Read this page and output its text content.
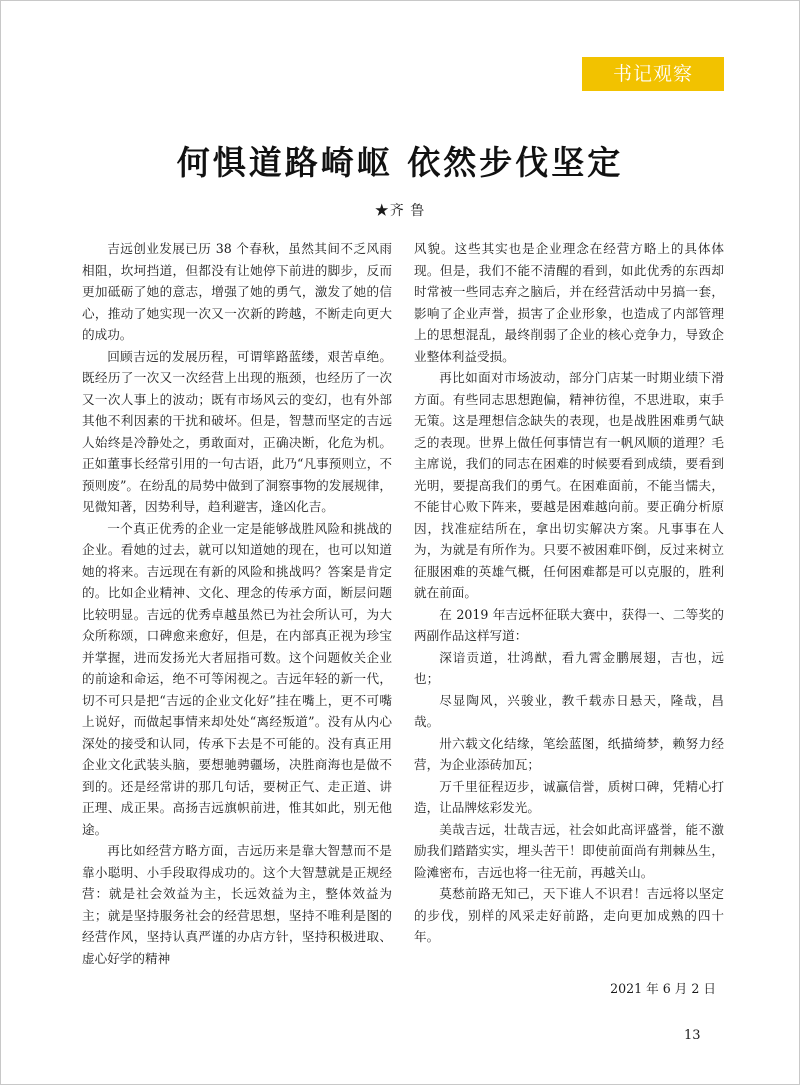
书记观察
何惧道路崎岖 依然步伐坚定
★齐 鲁

吉远创业发展已历 38 个春秋，虽然其间不乏风雨相阻，坎坷挡道，但都没有让她停下前进的脚步，反而更加砥砺了她的意志，增强了她的勇气，激发了她的信心，推动了她实现一次又一次新的跨越，不断走向更大的成功。

回顾吉远的发展历程，可谓筚路蓝缕，艰苦卓绝。既经历了一次又一次经营上出现的瓶颈，也经历了一次又一次人事上的波动；既有市场风云的变幻，也有外部其他不利因素的干扰和破坏。但是，智慧而坚定的吉远人始终是冷静处之，勇敢面对，正确决断，化危为机。正如董事长经常引用的一句古语，此乃“凡事预则立，不预则废”。在纷乱的局势中做到了洞察事物的发展规律，见微知著，因势利导，趋利避害，逢凶化吉。

一个真正优秀的企业一定是能够战胜风险和挑战的企业。看她的过去，就可以知道她的现在，也可以知道她的将来。吉远现在有新的风险和挑战吗？答案是肯定的。比如企业精神、文化、理念的传承方面，断层问题比较明显。吉远的优秀卓越虽然已为社会所认可，为大众所称颂，口碑愈来愈好，但是，在内部真正视为珍宝并掌握，进而发扬光大者屈指可数。这个问题攸关企业的前途和命运，绝不可等闲视之。吉远年轻的新一代，切不可只是把“吉远的企业文化好”挂在嘴上，更不可嘴上说好，而做起事情来却处处“离经叛道”。没有从内心深处的接受和认同，传承下去是不可能的。没有真正用企业文化武装头脑，要想驰骋疆场，决胜商海也是做不到的。还是经常讲的那几句话，要树正气、走正道、讲正理、成正果。高扬吉远旗帜前进，惟其如此，别无他途。

再比如经营方略方面，吉远历来是靠大智慧而不是靠小聪明、小手段取得成功的。这个大智慧就是正规经营：就是社会效益为主，长远效益为主，整体效益为主；就是坚持服务社会的经营思想，坚持不唯利是图的经营作风，坚持认真严谨的办店方针，坚持积极进取、虚心好学的精神

风貌。这些其实也是企业理念在经营方略上的具体体现。但是，我们不能不清醒的看到，如此优秀的东西却时常被一些同志弃之脑后，并在经营活动中另搞一套，影响了企业声誉，损害了企业形象，也造成了内部管理上的思想混乱，最终削弱了企业的核心竞争力，导致企业整体利益受损。

再比如面对市场波动，部分门店某一时期业绩下滑方面。有些同志思想跑偏，精神彷徨，不思进取，束手无策。这是理想信念缺失的表现，也是战胜困难勇气缺乏的表现。世界上做任何事情岂有一帆风顺的道理？毛主席说，我们的同志在困难的时候要看到成绩，要看到光明，要提高我们的勇气。在困难面前，不能当懦夫，不能甘心败下阵来，要越是困难越向前。要正确分析原因，找准症结所在，拿出切实解决方案。凡事事在人为，为就是有所作为。只要不被困难吓倒，反过来树立征服困难的英雄气概，任何困难都是可以克服的，胜利就在前面。

在 2019 年吉远杯征联大赛中，获得一、二等奖的两副作品这样写道：

深谙贡道，壮鸿猷，看九霄金鹏展翅，吉也，远也；

尽显陶风，兴骏业，教千载赤日悬天，隆哉，昌哉。

卅六载文化结缘，笔绘蓝图，纸描绮梦，赖努力经营，为企业添砖加瓦；

万千里征程迈步，诚赢信誉，质树口碑，凭精心打造，让品牌炫彩发光。

美哉吉远，壮哉吉远，社会如此高评盛誉，能不激励我们踏踏实实，埋头苦干！即使前面尚有荆棘丛生，险滩密布，吉远也将一往无前，再越关山。

莫愁前路无知己，天下谁人不识君！吉远将以坚定的步伐，别样的风采走好前路，走向更加成熟的四十年。

2021 年 6 月 2 日
13
